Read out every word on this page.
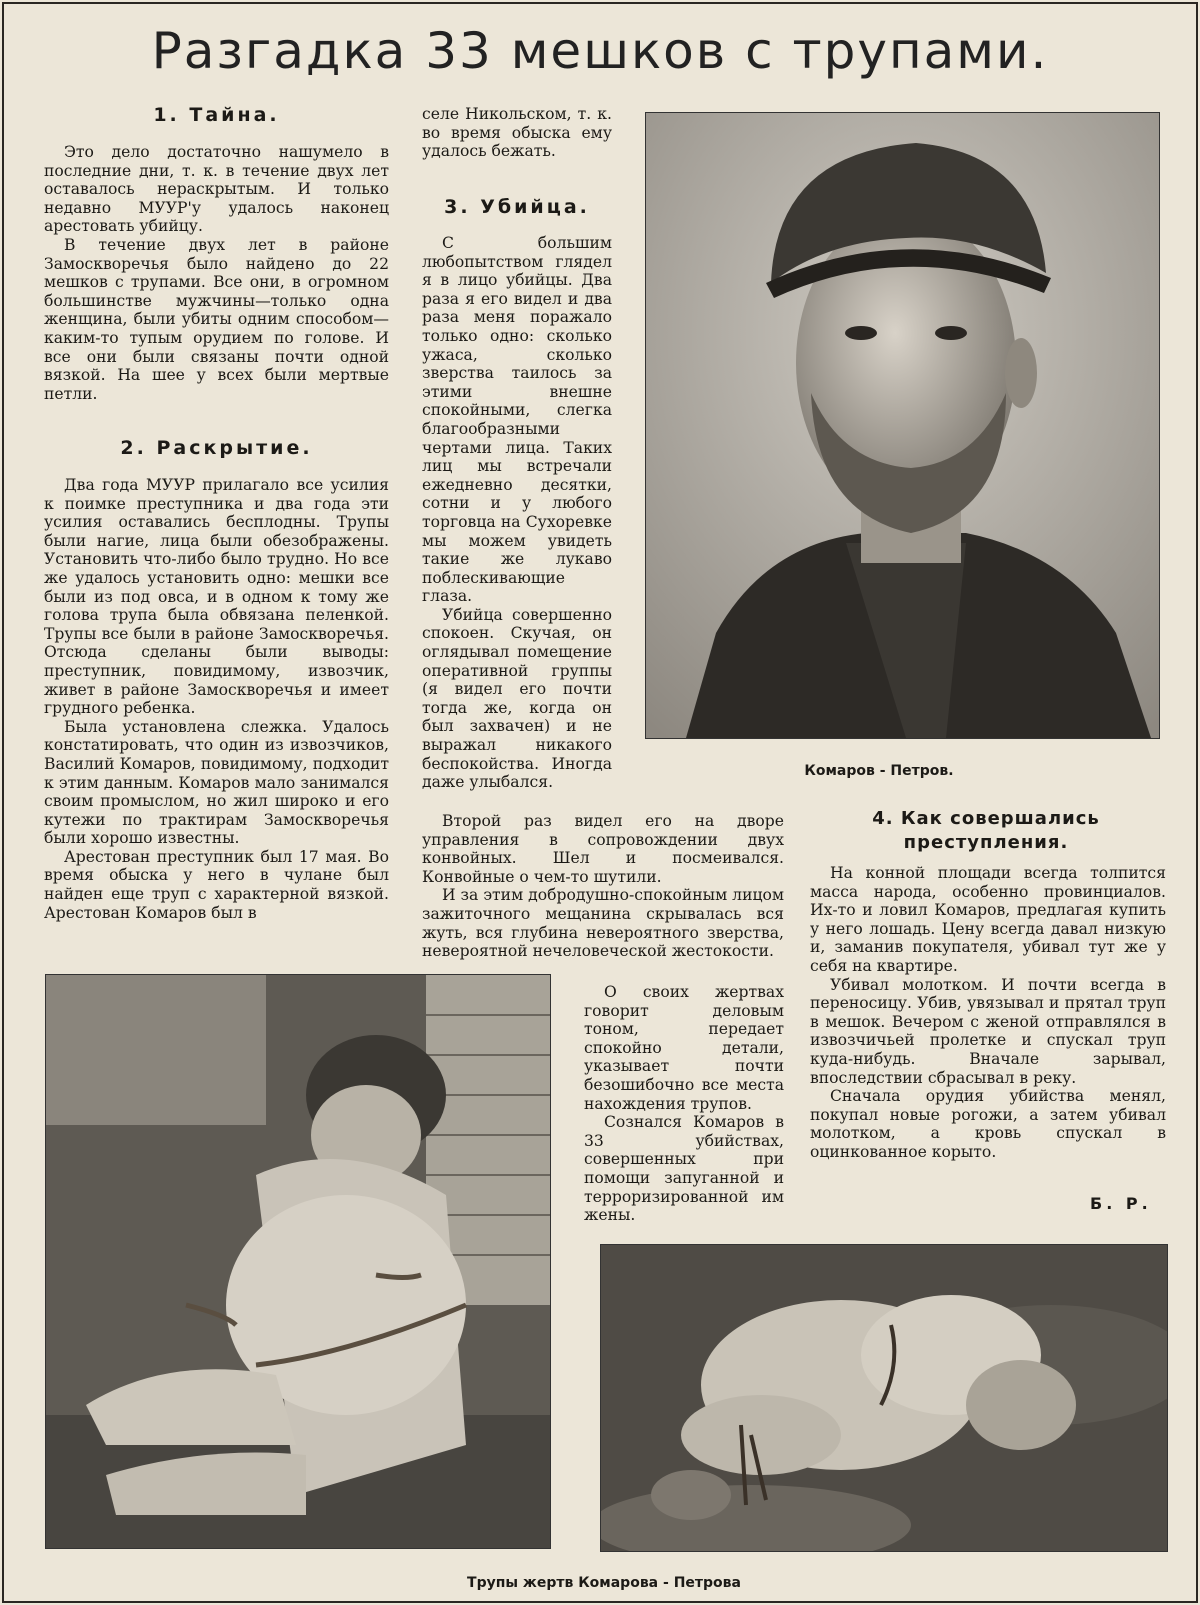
Разгадка 33 мешков с трупами.
1. Тайна.

Это дело достаточно нашумело в последние дни, т. к. в течение двух лет оставалось нераскрытым. И только недавно МУУР'у удалось наконец арестовать убийцу.

В течение двух лет в районе Замоскворечья было найдено до 22 мешков с трупами. Все они, в огромном большинстве мужчины—только одна женщина, были убиты одним способом—каким-то тупым орудием по голове. И все они были связаны почти одной вязкой. На шее у всех были мертвые петли.

2. Раскрытие.

Два года МУУР прилагало все усилия к поимке преступника и два года эти усилия оставались бесплодны. Трупы были нагие, лица были обезображены. Установить что-либо было трудно. Но все же удалось установить одно: мешки все были из под овса, и в одном к тому же голова трупа была обвязана пеленкой. Трупы все были в районе Замоскворечья. Отсюда сделаны были выводы: преступник, повидимому, извозчик, живет в районе Замоскворечья и имеет грудного ребенка.

Была установлена слежка. Удалось констатировать, что один из извозчиков, Василий Комаров, повидимому, подходит к этим данным. Комаров мало занимался своим промыслом, но жил широко и его кутежи по трактирам Замоскворечья были хорошо известны.

Арестован преступник был 17 мая. Во время обыска у него в чулане был найден еще труп с характерной вязкой. Арестован Комаров был в

селе Никольском, т. к. во время обыска ему удалось бежать.

3. Убийца.

С большим любопытством глядел я в лицо убийцы. Два раза я его видел и два раза меня поражало только одно: сколько ужаса, сколько зверства таилось за этими внешне спокойными, слегка благообразными чертами лица. Таких лиц мы встречали ежедневно десятки, сотни и у любого торговца на Сухоревке мы можем увидеть такие же лукаво поблескивающие глаза.

Убийца совершенно спокоен. Скучая, он оглядывал помещение оперативной группы (я видел его почти тогда же, когда он был захвачен) и не выражал никакого беспокойства. Иногда даже улыбался.

Второй раз видел его на дворе управления в сопровождении двух конвойных. Шел и посмеивался. Конвойные о чем-то шутили.

И за этим добродушно-спокойным лицом зажиточного мещанина скрывалась вся жуть, вся глубина невероятного зверства, невероятной нечеловеческой жестокости.

О своих жертвах говорит деловым тоном, передает спокойно детали, указывает почти безошибочно все места нахождения трупов.

Сознался Комаров в 33 убийствах, совершенных при помощи запуганной и терроризированной им жены.

Комаров - Петров.
4. Как совершались преступления.

На конной площади всегда толпится масса народа, особенно провинциалов. Их-то и ловил Комаров, предлагая купить у него лошадь. Цену всегда давал низкую и, заманив покупателя, убивал тут же у себя на квартире.

Убивал молотком. И почти всегда в переносицу. Убив, увязывал и прятал труп в мешок. Вечером с женой отправлялся в извозчичьей пролетке и спускал труп куда-нибудь. Вначале зарывал, впоследствии сбрасывал в реку.

Сначала орудия убийства менял, покупал новые рогожи, а затем убивал молотком, а кровь спускал в оцинкованное корыто.

Б. Р.
Трупы жертв Комарова - Петрова
